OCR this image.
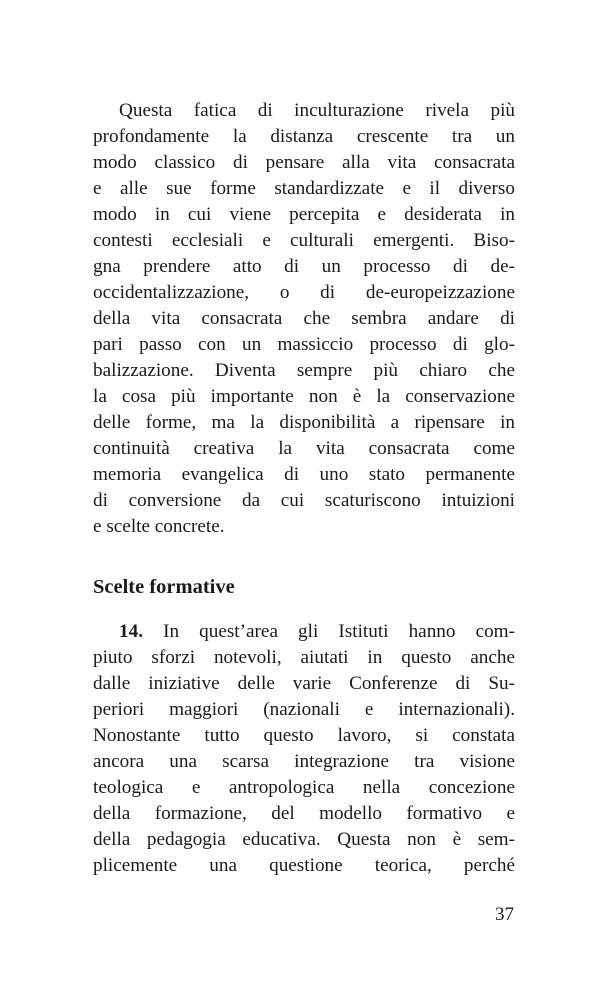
Questa fatica di inculturazione rivela più
profondamente la distanza crescente tra un
modo classico di pensare alla vita consacrata
e alle sue forme standardizzate e il diverso
modo in cui viene percepita e desiderata in
contesti ecclesiali e culturali emergenti. Biso-
gna prendere atto di un processo di de-
occidentalizzazione, o di de-europeizzazione
della vita consacrata che sembra andare di
pari passo con un massiccio processo di glo-
balizzazione. Diventa sempre più chiaro che
la cosa più importante non è la conservazione
delle forme, ma la disponibilità a ripensare in
continuità creativa la vita consacrata come
memoria evangelica di uno stato permanente
di conversione da cui scaturiscono intuizioni
e scelte concrete.
Scelte formative
14. In quest’area gli Istituti hanno com-
piuto sforzi notevoli, aiutati in questo anche
dalle iniziative delle varie Conferenze di Su-
periori maggiori (nazionali e internazionali).
Nonostante tutto questo lavoro, si constata
ancora una scarsa integrazione tra visione
teologica e antropologica nella concezione
della formazione, del modello formativo e
della pedagogia educativa. Questa non è sem-
plicemente una questione teorica, perché
37
